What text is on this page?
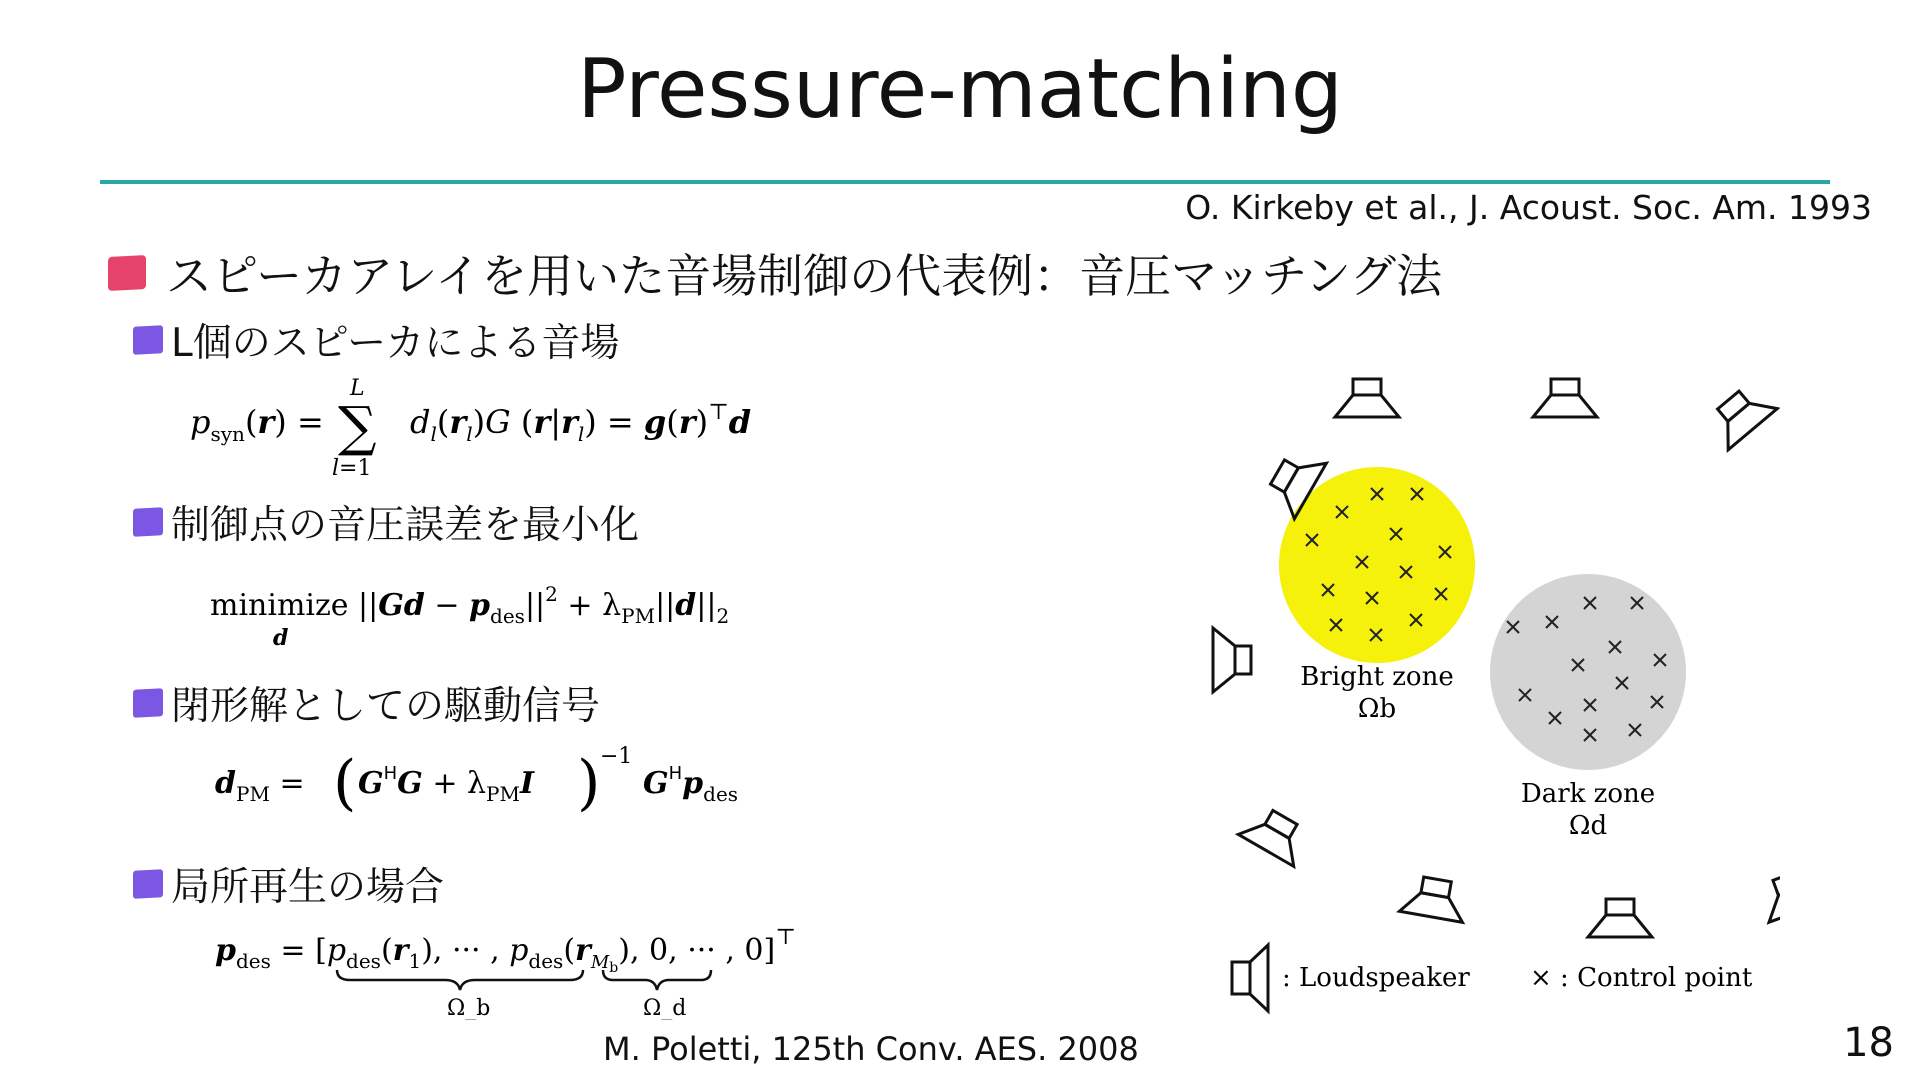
Pressure-matching
O. Kirkeby et al., J. Acoust. Soc. Am. 1993
スピーカアレイを用いた音場制御の代表例：音圧マッチング法
L個のスピーカによる音場
$p_{syn}(r)$ =
L
∑
l=1
$d_l(r_l)G$ $(r|r_l) = g(r)^⊤d$
制御点の音圧誤差を最小化
minimize
d
$||Gd - p_{des}||^2 + \lambda_{PM}||d||_2$
閉形解としての駆動信号
$d_{PM}$ = ( $G^HG + \lambda_{PM}I$ ) −1
$G^Hp_{des}$
局所再生の場合
$p_{des} = [p_{des}(r_1)$, ··· , $p_{des}(r_Mb)$, 0, ··· , 0]⊤
Ω_b	Ω_d
Bright zone
Ωb
Dark zone
Ωd
: Loudspeaker × : Control point
M. Poletti, 125th Conv. AES. 2008	18
